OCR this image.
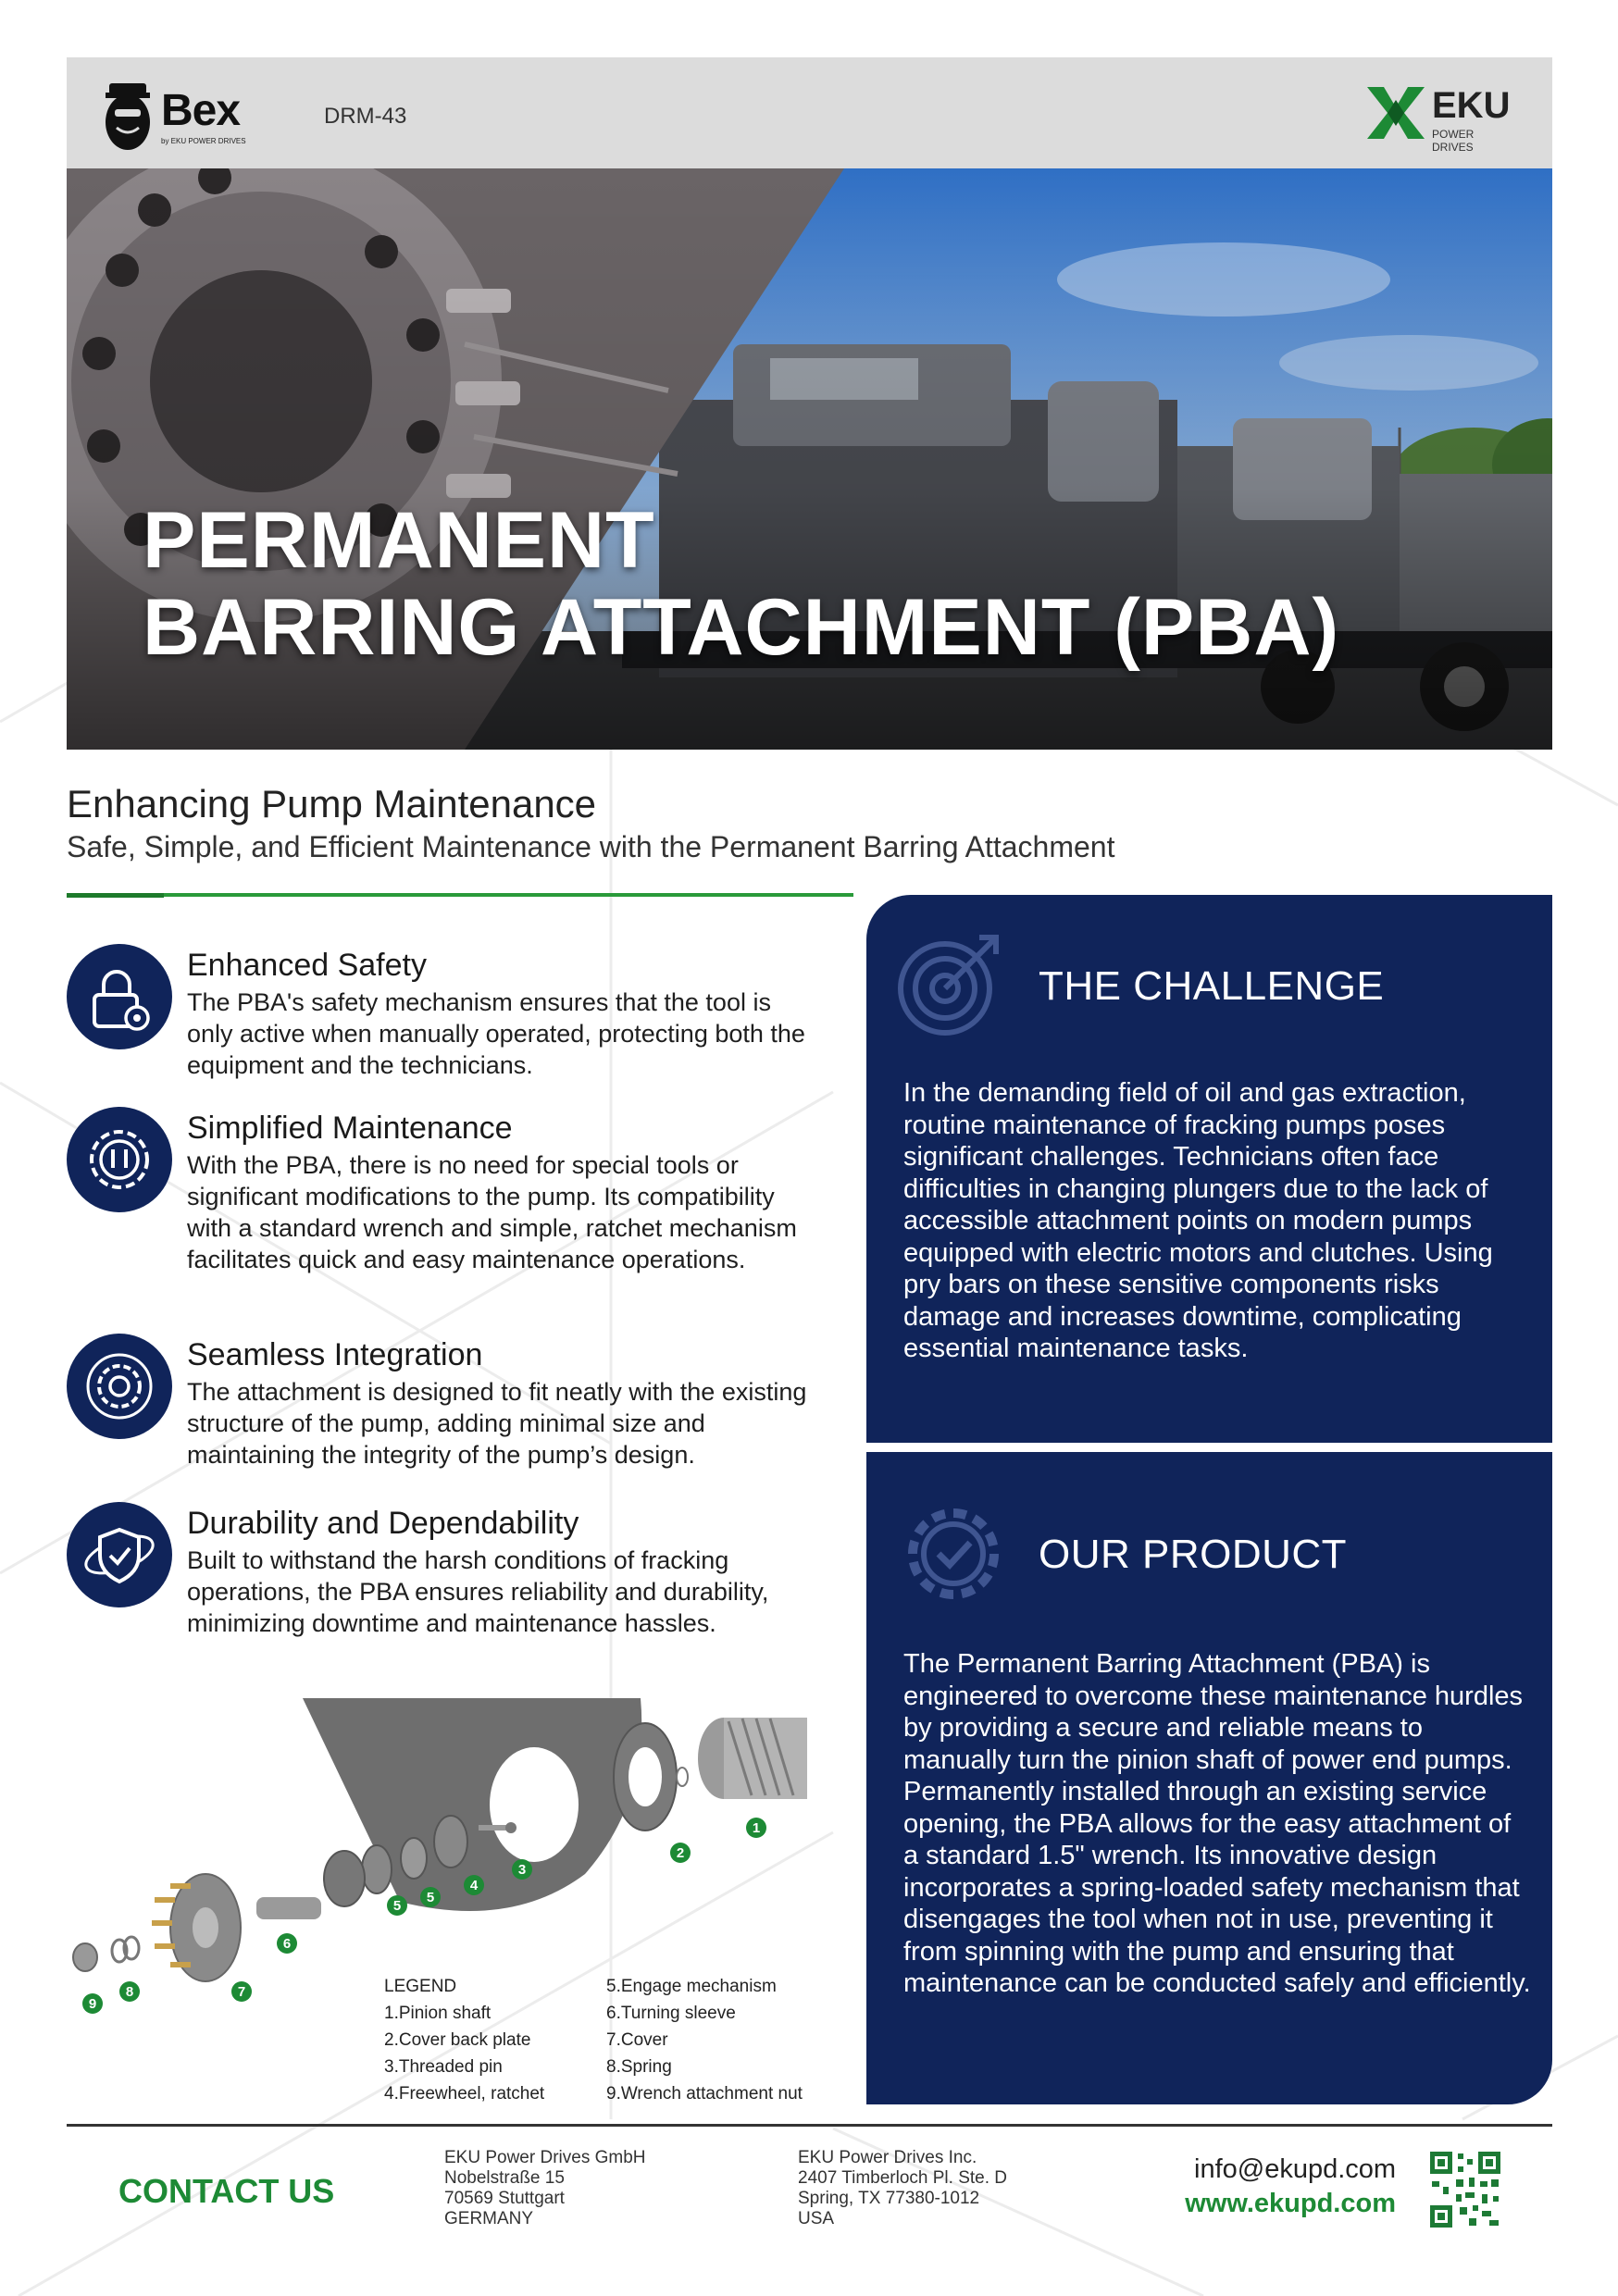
Bex
by EKU POWER DRIVES
DRM-43	EKU
POWER DRIVES
PERMANENT
BARRING ATTACHMENT (PBA)
Enhancing Pump Maintenance
Safe, Simple, and Efficient Maintenance with the Permanent Barring Attachment
Enhanced Safety
The PBA's safety mechanism ensures that the tool is only active when manually operated, protecting both the equipment and the technicians.
Simplified Maintenance
With the PBA, there is no need for special tools or significant modifications to the pump. Its compatibility with a standard wrench and simple, ratchet mechanism facilitates quick and easy maintenance operations.
Seamless Integration
The attachment is designed to fit neatly with the existing structure of the pump, adding minimal size and maintaining the integrity of the pump’s design.
Durability and Dependability
Built to withstand the harsh conditions of fracking operations, the PBA ensures reliability and durability, minimizing downtime and maintenance hassles.
1
2
3
4
5
5
6
7
8
9
LEGEND
1.Pinion shaft
2.Cover back plate
3.Threaded pin
4.Freewheel, ratchet
5.Engage mechanism
6.Turning sleeve
7.Cover
8.Spring
9.Wrench attachment nut
THE CHALLENGE
In the demanding field of oil and gas extraction, routine maintenance of fracking pumps poses significant challenges. Technicians often face difficulties in changing plungers due to the lack of accessible attachment points on modern pumps equipped with electric motors and clutches. Using pry bars on these sensitive components risks damage and increases downtime, complicating essential maintenance tasks.
OUR PRODUCT
The Permanent Barring Attachment (PBA) is engineered to overcome these maintenance hurdles by providing a secure and reliable means to manually turn the pinion shaft of power end pumps. Permanently installed through an existing service opening, the PBA allows for the easy attachment of a standard 1.5" wrench. Its innovative design incorporates a spring-loaded safety mechanism that disengages the tool when not in use, preventing it from spinning with the pump and ensuring that maintenance can be conducted safely and efficiently.
CONTACT US
EKU Power Drives GmbH
Nobelstraße 15
70569 Stuttgart
GERMANY
EKU Power Drives Inc.
2407 Timberloch Pl. Ste. D
Spring, TX 77380-1012
USA
info@ekupd.com
www.ekupd.com
